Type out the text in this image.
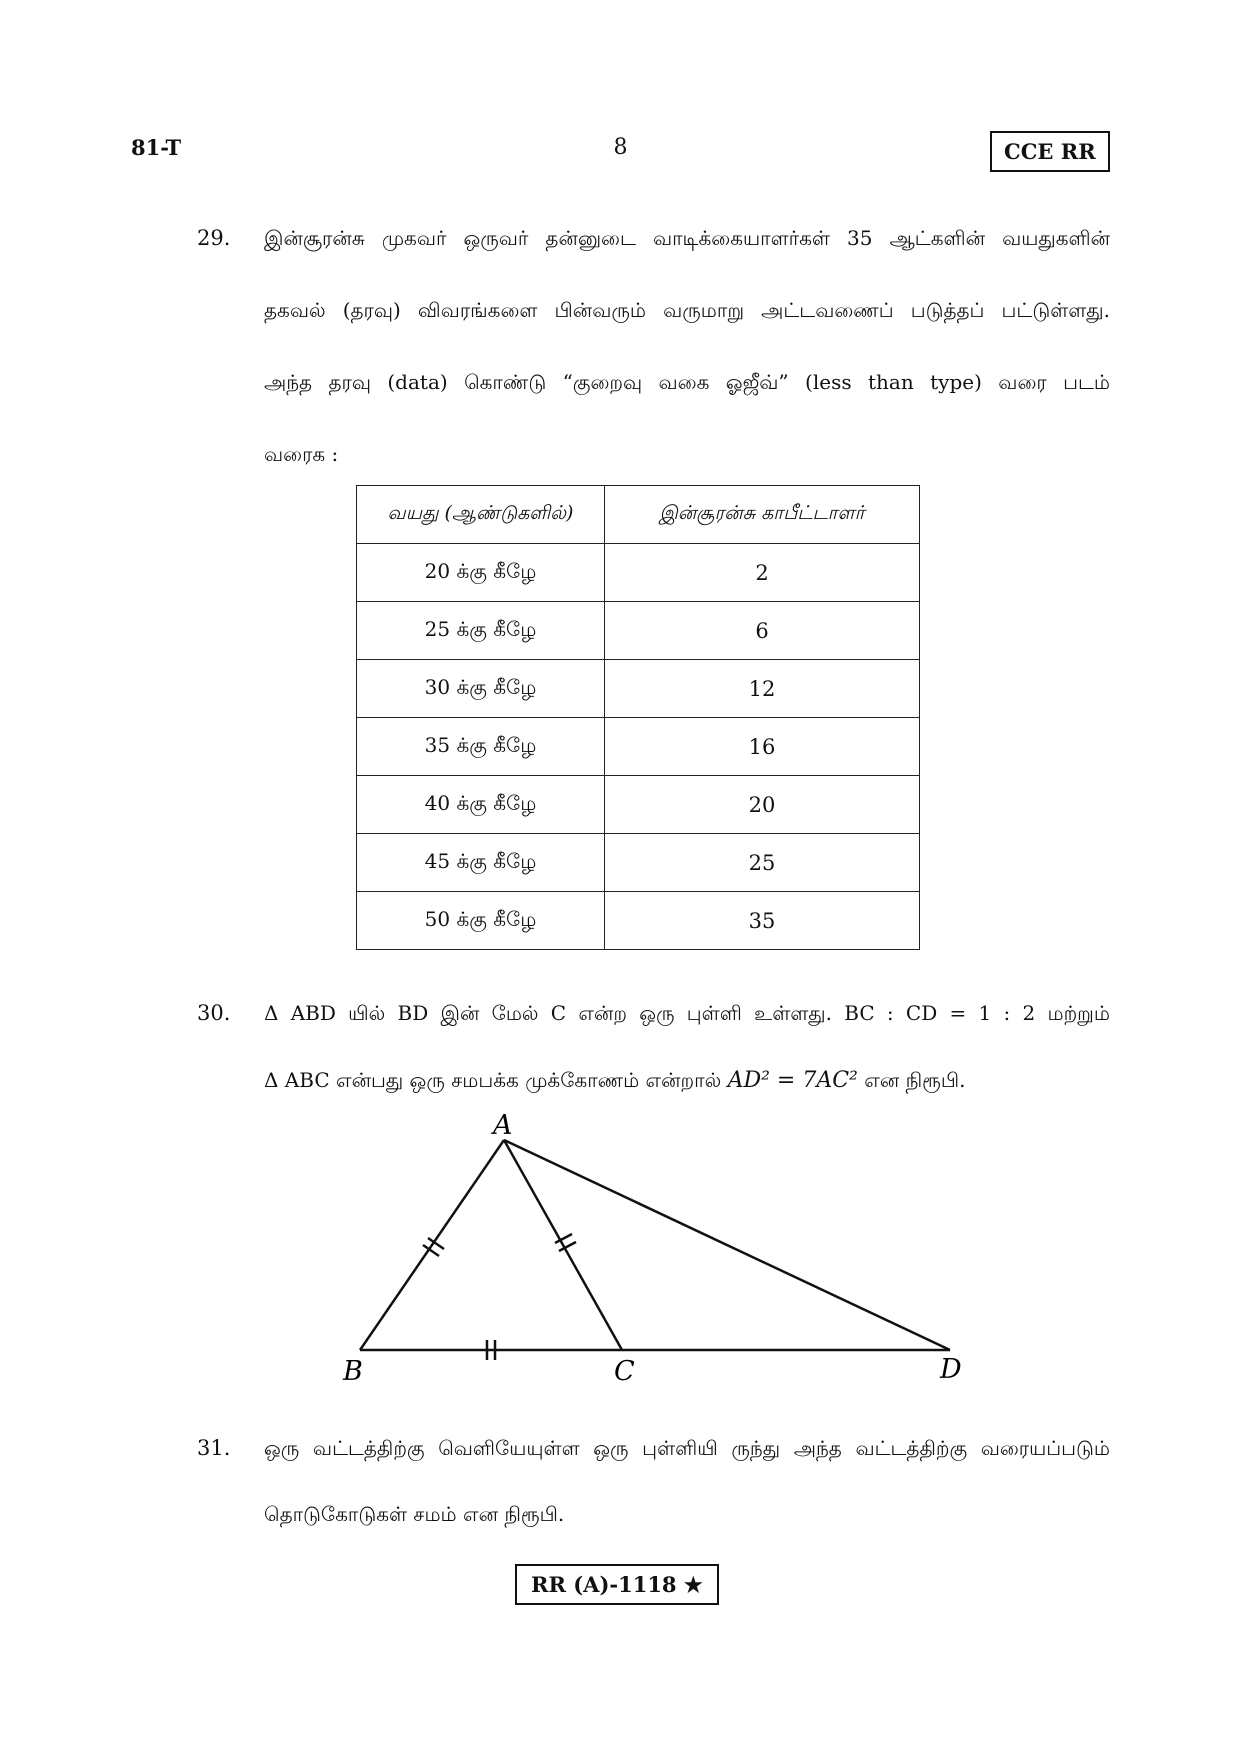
81-T	8	CCE RR
29. இன்சூரன்சு முகவர் ஒருவர் தன்னுடை வாடிக்கையாளர்கள் 35 ஆட்களின் வயதுகளின்
தகவல் (தரவு) விவரங்களை பின்வரும் வருமாறு அட்டவணைப் படுத்தப் பட்டுள்ளது.
அந்த தரவு (data) கொண்டு “குறைவு வகை ஓஜீவ்” (less than type) வரை படம்
வரைக :
வயது (ஆண்டுகளில்)	இன்சூரன்சு காபீட்டாளர்
20 க்கு கீழே	2
25 க்கு கீழே	6
30 க்கு கீழே	12
35 க்கு கீழே	16
40 க்கு கீழே	20
45 க்கு கீழே	25
50 க்கு கீழே	35
30. Δ ABD யில் BD இன் மேல் C என்ற ஒரு புள்ளி உள்ளது. BC : CD = 1 : 2 மற்றும்
Δ ABC என்பது ஒரு சமபக்க முக்கோணம் என்றால் AD² = 7AC² என நிரூபி.
A
B	C	D
31. ஒரு வட்டத்திற்கு வெளியேயுள்ள ஒரு புள்ளியி ருந்து அந்த வட்டத்திற்கு வரையப்படும்
தொடுகோடுகள் சமம் என நிரூபி.
RR (A)-1118 ★
